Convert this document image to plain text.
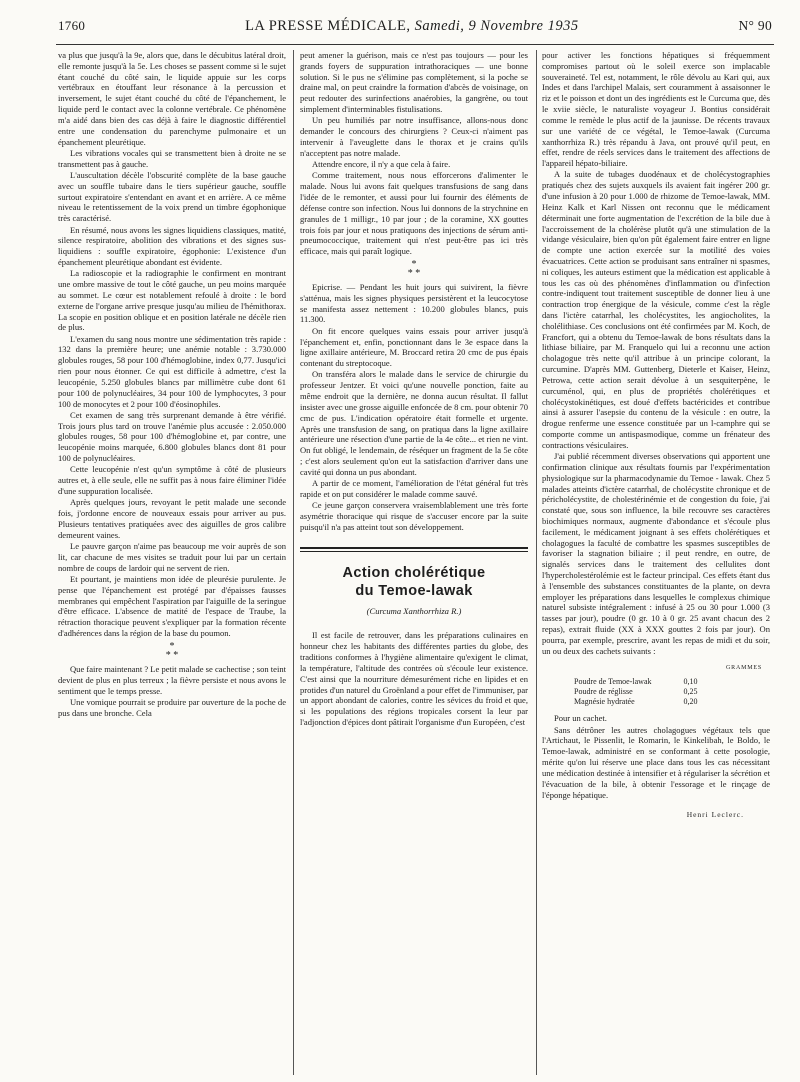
1760	LA PRESSE MÉDICALE, Samedi, 9 Novembre 1935	N° 90

va plus que jusqu'à la 9e, alors que, dans le décubitus latéral droit, elle remonte jusqu'à la 5e. Les choses se passent comme si le sujet étant couché du côté sain, le liquide appuie sur les corps vertébraux en étouffant leur résonance à la percussion et inversement, le sujet étant couché du côté de l'épanchement, le liquide perd le contact avec la colonne vertébrale. Ce phénomène m'a aidé dans bien des cas déjà à faire le diagnostic différentiel entre une condensation du parenchyme pulmonaire et un épanchement pleurétique.

Les vibrations vocales qui se transmettent bien à droite ne se transmettent pas à gauche.

L'auscultation décèle l'obscurité complète de la base gauche avec un souffle tubaire dans le tiers supérieur gauche, souffle surtout expiratoire s'entendant en avant et en arrière. A ce même niveau le retentissement de la voix prend un timbre égophonique très caractérisé.

En résumé, nous avons les signes liquidiens classiques, matité, silence respiratoire, abolition des vibrations et des signes sus-liquidiens : souffle expiratoire, égophonie: L'existence d'un épanchement pleurétique abondant est évidente.

La radioscopie et la radiographie le confirment en montrant une ombre massive de tout le côté gauche, un peu moins marquée au sommet. Le cœur est notablement refoulé à droite : le bord externe de l'organe arrive presque jusqu'au milieu de l'hémithorax. La scopie en position oblique et en position latérale ne décèle rien de plus.

L'examen du sang nous montre une sédimentation très rapide : 132 dans la première heure; une anémie notable : 3.730.000 globules rouges, 58 pour 100 d'hémoglobine, index 0,77. Jusqu'ici rien pour nous étonner. Ce qui est difficile à admettre, c'est la leucopénie, 5.250 globules blancs par millimètre cube dont 61 pour 100 de polynucléaires, 34 pour 100 de lymphocytes, 3 pour 100 de monocytes et 2 pour 100 d'éosinophiles.

Cet examen de sang très surprenant demande à être vérifié. Trois jours plus tard on trouve l'anémie plus accusée : 2.050.000 globules rouges, 58 pour 100 d'hémoglobine et, par contre, une leucopénie moins marquée, 6.800 globules blancs dont 81 pour 100 de polynucléaires.

Cette leucopénie n'est qu'un symptôme à côté de plusieurs autres et, à elle seule, elle ne suffit pas à nous faire éliminer l'idée d'une suppuration localisée.

Après quelques jours, revoyant le petit malade une seconde fois, j'ordonne encore de nouveaux essais pour arriver au pus. Plusieurs tentatives pratiquées avec des aiguilles de gros calibre demeurent vaines.

Le pauvre garçon n'aime pas beaucoup me voir auprès de son lit, car chacune de mes visites se traduit pour lui par un certain nombre de coups de lardoir qui ne servent de rien.

Et pourtant, je maintiens mon idée de pleurésie purulente. Je pense que l'épanchement est protégé par d'épaisses fausses membranes qui empêchent l'aspiration par l'aiguille de la seringue d'être efficace. L'absence de matité de l'espace de Traube, la rétraction thoracique peuvent s'expliquer par la formation récente d'adhérences dans la région de la base du poumon.

*
* *

Que faire maintenant ? Le petit malade se cachectise ; son teint devient de plus en plus terreux ; la fièvre persiste et nous avons le sentiment que le temps presse.

Une vomique pourrait se produire par ouverture de la poche de pus dans une bronche. Cela

peut amener la guérison, mais ce n'est pas toujours — pour les grands foyers de suppuration intrathoraciques — une bonne solution. Si le pus ne s'élimine pas complètement, si la poche se draine mal, on peut craindre la formation d'abcès de voisinage, on peut redouter des surinfections anaérobies, la gangrène, ou tout simplement d'interminables fistulisations.

Un peu humiliés par notre insuffisance, allons-nous donc demander le concours des chirurgiens ? Ceux-ci n'aiment pas intervenir à l'aveuglette dans le thorax et je crains qu'ils n'acceptent pas notre malade.

Attendre encore, il n'y a que cela à faire.

Comme traitement, nous nous efforcerons d'alimenter le malade. Nous lui avons fait quelques transfusions de sang dans l'idée de le remonter, et aussi pour lui fournir des éléments de défense contre son infection. Nous lui donnons de la strychnine en granules de 1 milligr., 10 par jour ; de la coramine, XX gouttes trois fois par jour et nous pratiquons des injections de sérum anti-pneumococcique, traitement qui n'est peut-être pas ici très efficace, mais qui paraît logique.

*
* *

Epicrise. — Pendant les huit jours qui suivirent, la fièvre s'atténua, mais les signes physiques persistèrent et la leucocytose se manifesta assez nettement : 10.200 globules blancs, puis 11.300.

On fit encore quelques vains essais pour arriver jusqu'à l'épanchement et, enfin, ponctionnant dans le 3e espace dans la ligne axillaire antérieure, M. Broccard retira 20 cmc de pus épais contenant du streptocoque.

On transféra alors le malade dans le service de chirurgie du professeur Jentzer. Et voici qu'une nouvelle ponction, faite au même endroit que la dernière, ne donna aucun résultat. Il fallut insister avec une grosse aiguille enfoncée de 8 cm. pour obtenir 70 cmc de pus. L'indication opératoire était formelle et urgente. Après une transfusion de sang, on pratiqua dans la ligne axillaire antérieure une résection d'une partie de la 4e côte... et rien ne vint. On fut obligé, le lendemain, de réséquer un fragment de la 5e côte ; c'est alors seulement qu'on eut la satisfaction d'arriver dans une cavité qui donna un pus abondant.

A partir de ce moment, l'amélioration de l'état général fut très rapide et on put considérer le malade comme sauvé.

Ce jeune garçon conservera vraisemblablement une très forte asymétrie thoracique qui risque de s'accuser encore par la suite puisqu'il n'a pas atteint tout son développement.

Action cholérétique
du Temoe-lawak
(Curcuma Xanthorrhiza R.)

Il est facile de retrouver, dans les préparations culinaires en honneur chez les habitants des différentes parties du globe, des traditions conformes à l'hygiène alimentaire qu'exigent le climat, la température, l'altitude des contrées où s'écoule leur existence. C'est ainsi que la nourriture démesurément riche en lipides et en protides d'un naturel du Groënland a pour effet de l'immuniser, par un apport abondant de calories, contre les sévices du froid et que, si les populations des régions tropicales corsent la leur par l'adjonction d'épices dont pâtirait l'organisme d'un Européen, c'est

pour activer les fonctions hépatiques si fréquemment compromises partout où le soleil exerce son implacable souveraineté. Tel est, notamment, le rôle dévolu au Kari qui, aux Indes et dans l'archipel Malais, sert couramment à assaisonner le riz et le poisson et dont un des ingrédients est le Curcuma que, dès le xviie siècle, le naturaliste voyageur J. Bontius considérait comme le remède le plus actif de la jaunisse. De récents travaux sur une variété de ce végétal, le Temoe-lawak (Curcuma xanthorrhiza R.) très répandu à Java, ont prouvé qu'il peut, en effet, rendre de réels services dans le traitement des affections de l'appareil hépato-biliaire.

A la suite de tubages duodénaux et de cholécystographies pratiqués chez des sujets auxquels ils avaient fait ingérer 200 gr. d'une infusion à 20 pour 1.000 de rhizome de Temoe-lawak, MM. Heinz Kalk et Karl Nissen ont reconnu que le médicament déterminait une forte augmentation de l'excrétion de la bile due à l'accroissement de la cholérèse plutôt qu'à une stimulation de la vidange vésiculaire, bien qu'on pût également faire entrer en ligne de compte une action exercée sur la motilité des voies évacuatrices. Cette action se produisant sans entraîner ni spasmes, ni coliques, les auteurs estiment que la médication est applicable à tous les cas où des phénomènes d'inflammation ou d'infection contre-indiquent tout traitement susceptible de donner lieu à une contraction trop énergique de la vésicule, comme c'est la règle dans l'ictère catarrhal, les cholécystites, les angiocholites, la cholélithiase. Ces conclusions ont été confirmées par M. Koch, de Francfort, qui a obtenu du Temoe-lawak de bons résultats dans la lithiase biliaire, par M. Franquelo qui lui a reconnu une action cholagogue très nette qu'il attribue à un principe colorant, la curcumine. D'après MM. Guttenberg, Dieterle et Kaiser, Heinz, Petrowa, cette action serait dévolue à un sesquiterpène, le curcuménol, qui, en plus de propriétés cholérétiques et cholécystokinétiques, est doué d'effets bactéricides et contribue ainsi à assurer l'asepsie du contenu de la vésicule : en outre, la drogue renferme une essence constituée par un l-camphre qui se comporte comme un antispasmodique, comme un frénateur des contractions vésiculaires.

J'ai publié récemment diverses observations qui apportent une confirmation clinique aux résultats fournis par l'expérimentation physiologique sur la pharmacodynamie du Temoe - lawak. Chez 5 malades atteints d'ictère catarrhal, de cholécystite chronique et de péricholécystite, de cholestérinémie et de congestion du foie, j'ai constaté que, sous son influence, la bile recouvre ses caractères biochimiques normaux, augmente d'abondance et s'écoule plus facilement, le médicament joignant à ses effets cholérétiques et cholagogues la faculté de combattre les spasmes susceptibles de favoriser la stagnation biliaire ; il peut rendre, en outre, de signalés services dans le traitement des cellulites dont l'hypercholestérolémie est le facteur principal. Ces effets étant dus à l'ensemble des substances constituantes de la plante, on devra employer les préparations dans lesquelles le complexus chimique naturel subsiste intégralement : infusé à 25 ou 30 pour 1.000 (3 tasses par jour), poudre (0 gr. 10 à 0 gr. 25 avant chacun des 2 repas), extrait fluide (XX à XXX gouttes 2 fois par jour). On pourra, par exemple, prescrire, avant les repas de midi et du soir, un ou deux des cachets suivants :

GRAMMES
Poudre de Temoe-lawak	0,10
Poudre de réglisse	0,25
Magnésie hydratée	0,20

Pour un cachet.

Sans détrôner les autres cholagogues végétaux tels que l'Artichaut, le Pissenlit, le Romarin, le Kinkelibah, le Boldo, le Temoe-lawak, administré en se conformant à cette posologie, mérite qu'on lui réserve une place dans tous les cas nécessitant une médication destinée à intensifier et à régulariser la sécrétion et l'évacuation de la bile, à obtenir l'essorage et le rinçage de l'éponge hépatique.

Henri Leclerc.
